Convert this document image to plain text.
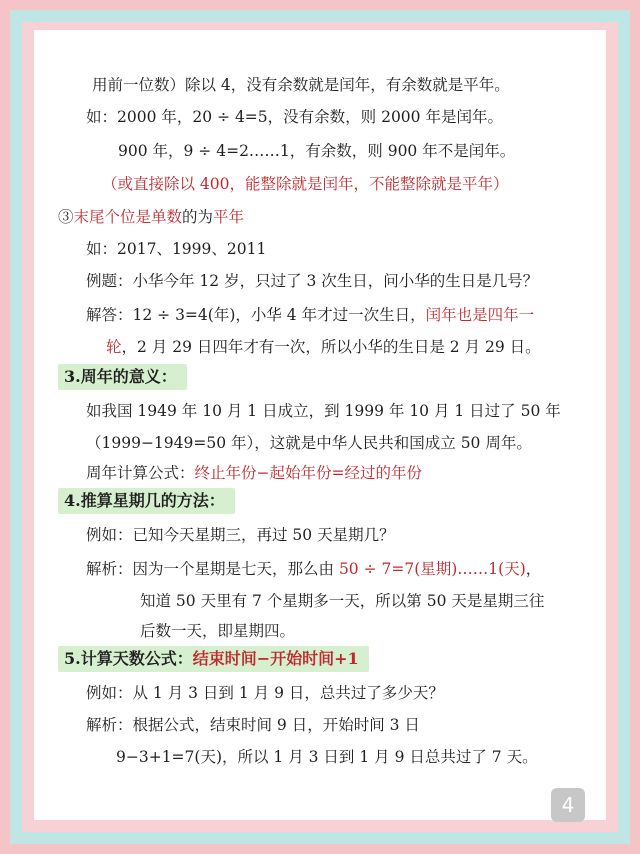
用前一位数）除以 4，没有余数就是闰年，有余数就是平年。
如：2000 年，20 ÷ 4=5，没有余数，则 2000 年是闰年。
900 年，9 ÷ 4=2……1，有余数，则 900 年不是闰年。
（或直接除以 400，能整除就是闰年，不能整除就是平年）
③末尾个位是单数的为平年
如：2017、1999、2011
例题：小华今年 12 岁，只过了 3 次生日，问小华的生日是几号？
解答：12 ÷ 3=4(年)，小华 4 年才过一次生日，闰年也是四年一
轮，2 月 29 日四年才有一次，所以小华的生日是 2 月 29 日。
3.周年的意义：
如我国 1949 年 10 月 1 日成立，到 1999 年 10 月 1 日过了 50 年
（1999−1949=50 年），这就是中华人民共和国成立 50 周年。
周年计算公式：终止年份−起始年份=经过的年份
4.推算星期几的方法：
例如：已知今天星期三，再过 50 天星期几？
解析：因为一个星期是七天，那么由 50 ÷ 7=7(星期)……1(天)，
知道 50 天里有 7 个星期多一天，所以第 50 天是星期三往
后数一天，即星期四。
5.计算天数公式：结束时间−开始时间+1
例如：从 1 月 3 日到 1 月 9 日，总共过了多少天？
解析：根据公式，结束时间 9 日，开始时间 3 日
9−3+1=7(天)，所以 1 月 3 日到 1 月 9 日总共过了 7 天。
4
